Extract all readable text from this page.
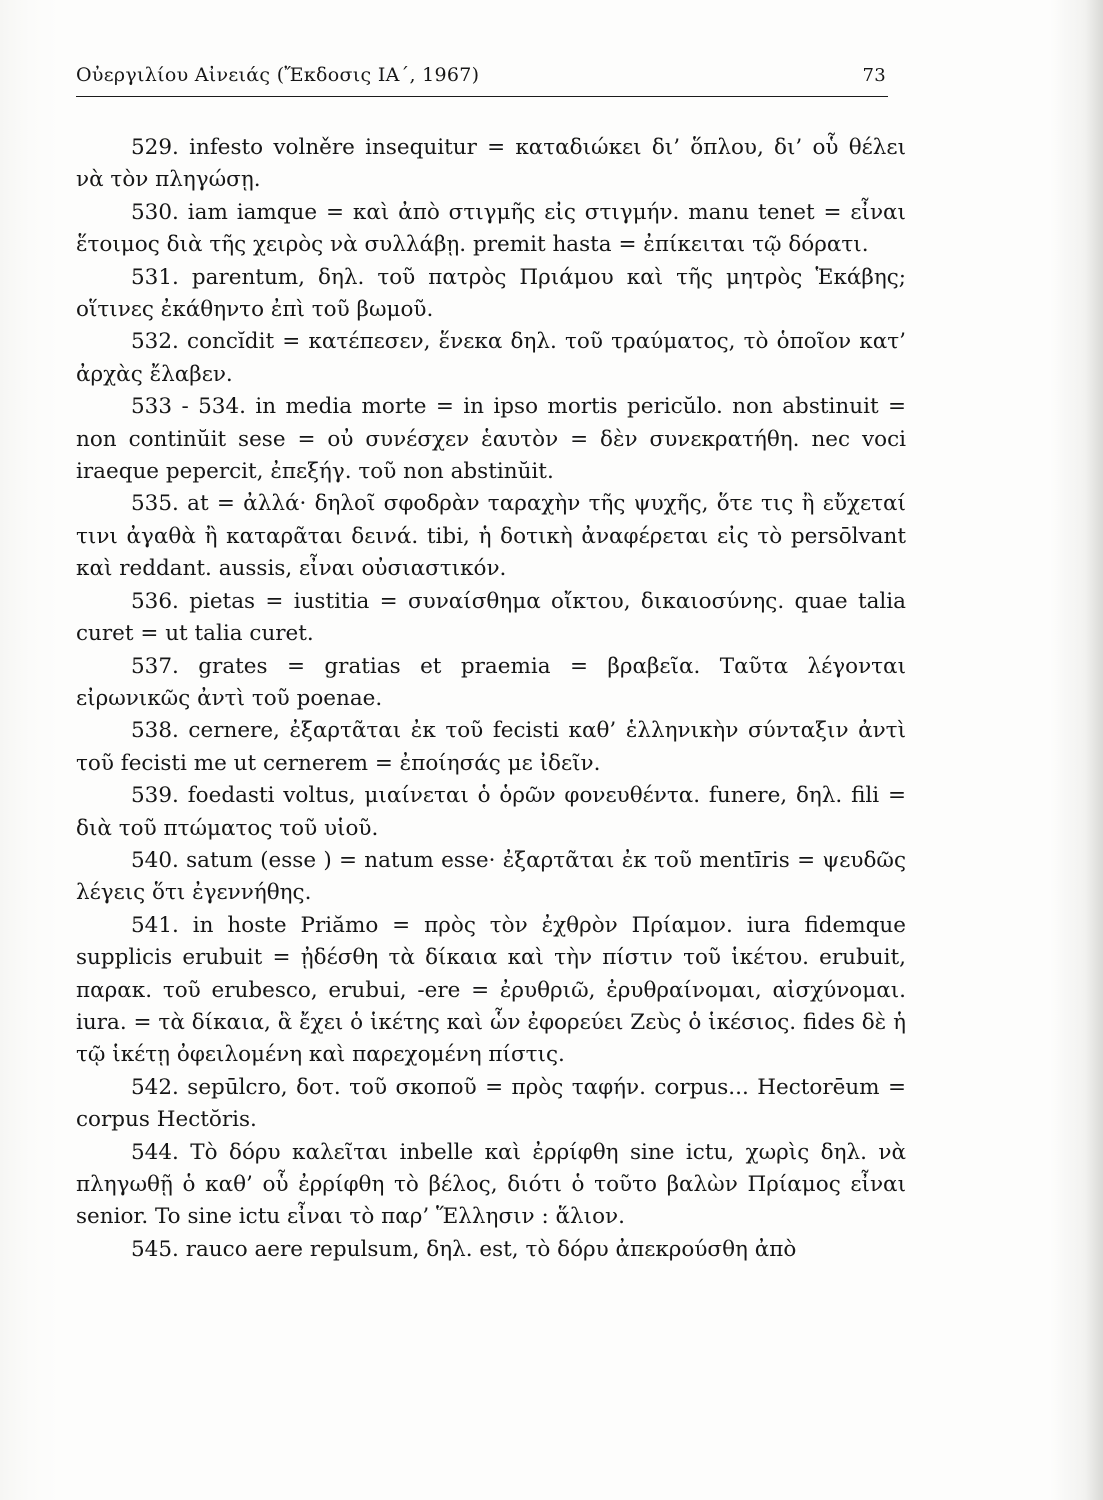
Οὐεργιλίου Αἰνειάς (Ἔκδοσις ΙΑ΄, 1967)	73

529. infesto volněre insequitur = καταδιώκει δι’ ὅπλου, δι’ οὗ θέλει νὰ τὸν πληγώσῃ.

530. iam iamque = καὶ ἀπὸ στιγμῆς εἰς στιγμήν. manu tenet = εἶναι ἕτοιμος διὰ τῆς χειρὸς νὰ συλλάβῃ. premit hasta = ἐπίκειται τῷ δόρατι.

531. parentum, δηλ. τοῦ πατρὸς Πριάμου καὶ τῆς μητρὸς Ἑκάβης; οἵτινες ἐκάθηντο ἐπὶ τοῦ βωμοῦ.

532. concĭdit = κατέπεσεν, ἕνεκα δηλ. τοῦ τραύματος, τὸ ὁποῖον κατ’ ἀρχὰς ἔλαβεν.

533 - 534. in media morte = in ipso mortis pericŭlo. non abstinuit = non continŭit sese = οὐ συνέσχεν ἑαυτὸν = δὲν συνεκρατήθη. nec voci iraeque pepercit, ἐπεξήγ. τοῦ non abstinŭit.

535. at = ἀλλά· δηλοῖ σφοδρὰν ταραχὴν τῆς ψυχῆς, ὅτε τις ἢ εὔχεταί τινι ἀγαθὰ ἢ καταρᾶται δεινά. tibi, ἡ δοτικὴ ἀναφέρεται εἰς τὸ persōlvant καὶ reddant. aussis, εἶναι οὐσιαστικόν.

536. pietas = iustitia = συναίσθημα οἴκτου, δικαιοσύνης. quae talia curet = ut talia curet.

537. grates = gratias et praemia = βραβεῖα. Ταῦτα λέγονται εἰρωνικῶς ἀντὶ τοῦ poenae.

538. cernere, ἐξαρτᾶται ἐκ τοῦ fecisti καθ’ ἑλληνικὴν σύνταξιν ἀντὶ τοῦ fecisti me ut cernerem = ἐποίησάς με ἰδεῖν.

539. foedasti voltus, μιαίνεται ὁ ὁρῶν φονευθέντα. funere, δηλ. fili = διὰ τοῦ πτώματος τοῦ υἱοῦ.

540. satum (esse ) = natum esse· ἐξαρτᾶται ἐκ τοῦ mentīris = ψευδῶς λέγεις ὅτι ἐγεννήθης.

541. in hoste Priămo = πρὸς τὸν ἐχθρὸν Πρίαμον. iura fidemque supplicis erubuit = ᾐδέσθη τὰ δίκαια καὶ τὴν πίστιν τοῦ ἱκέτου. erubuit, παρακ. τοῦ erubesco, erubui, -ere = ἐρυθριῶ, ἐρυθραίνομαι, αἰσχύνομαι. iura. = τὰ δίκαια, ἃ ἔχει ὁ ἱκέτης καὶ ὧν ἐφορεύει Ζεὺς ὁ ἱκέσιος. fides δὲ ἡ τῷ ἱκέτῃ ὀφειλομένη καὶ παρεχομένη πίστις.

542. sepūlcro, δοτ. τοῦ σκοποῦ = πρὸς ταφήν. corpus... Hectorēum = corpus Hectŏris.

544. Τὸ δόρυ καλεῖται inbelle καὶ ἐρρίφθη sine ictu, χωρὶς δηλ. νὰ πληγωθῇ ὁ καθ’ οὗ ἐρρίφθη τὸ βέλος, διότι ὁ τοῦτο βαλὼν Πρίαμος εἶναι senior. To sine ictu εἶναι τὸ παρ’ Ἕλλησιν : ἅλιον.

545. rauco aere repulsum, δηλ. est, τὸ δόρυ ἀπεκρούσθη ἀπὸ
